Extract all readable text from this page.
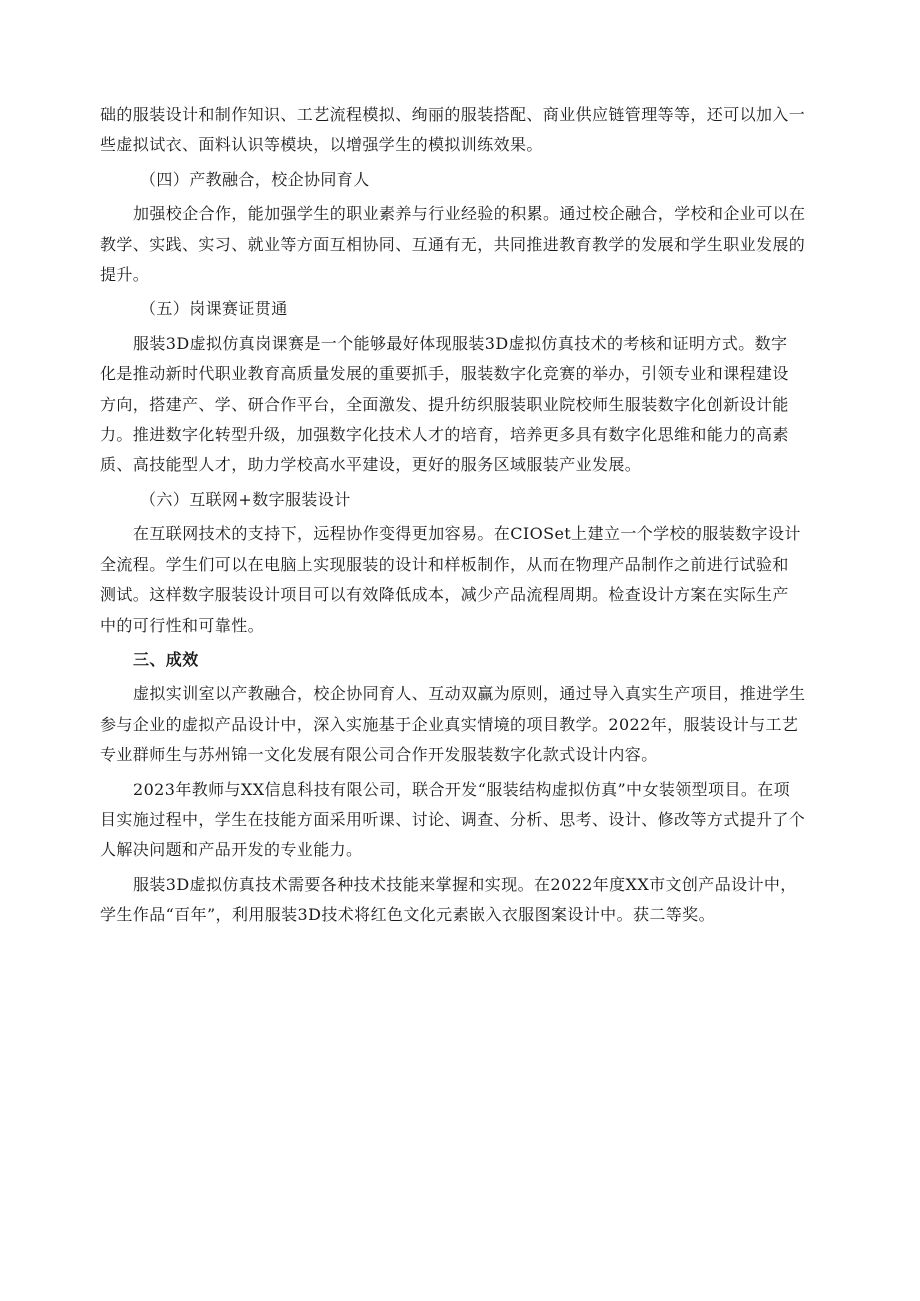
础的服装设计和制作知识、工艺流程模拟、绚丽的服装搭配、商业供应链管理等等，还可以加入一
些虚拟试衣、面料认识等模块，以增强学生的模拟训练效果。
（四）产教融合，校企协同育人
加强校企合作，能加强学生的职业素养与行业经验的积累。通过校企融合，学校和企业可以在
教学、实践、实习、就业等方面互相协同、互通有无，共同推进教育教学的发展和学生职业发展的
提升。
（五）岗课赛证贯通
服装3D虚拟仿真岗课赛是一个能够最好体现服装3D虚拟仿真技术的考核和证明方式。数字
化是推动新时代职业教育高质量发展的重要抓手，服装数字化竞赛的举办，引领专业和课程建设
方向，搭建产、学、研合作平台，全面激发、提升纺织服装职业院校师生服装数字化创新设计能
力。推进数字化转型升级，加强数字化技术人才的培育，培养更多具有数字化思维和能力的高素
质、高技能型人才，助力学校高水平建设，更好的服务区域服装产业发展。
（六）互联网+数字服装设计
在互联网技术的支持下，远程协作变得更加容易。在CIOSet上建立一个学校的服装数字设计
全流程。学生们可以在电脑上实现服装的设计和样板制作，从而在物理产品制作之前进行试验和
测试。这样数字服装设计项目可以有效降低成本，减少产品流程周期。检查设计方案在实际生产
中的可行性和可靠性。
三、成效
虚拟实训室以产教融合，校企协同育人、互动双赢为原则，通过导入真实生产项目，推进学生
参与企业的虚拟产品设计中，深入实施基于企业真实情境的项目教学。2022年，服装设计与工艺
专业群师生与苏州锦一文化发展有限公司合作开发服装数字化款式设计内容。
2023年教师与XX信息科技有限公司，联合开发“服装结构虚拟仿真”中女装领型项目。在项
目实施过程中，学生在技能方面采用听课、讨论、调查、分析、思考、设计、修改等方式提升了个
人解决问题和产品开发的专业能力。
服装3D虚拟仿真技术需要各种技术技能来掌握和实现。在2022年度XX市文创产品设计中，
学生作品“百年”，利用服装3D技术将红色文化元素嵌入衣服图案设计中。获二等奖。
